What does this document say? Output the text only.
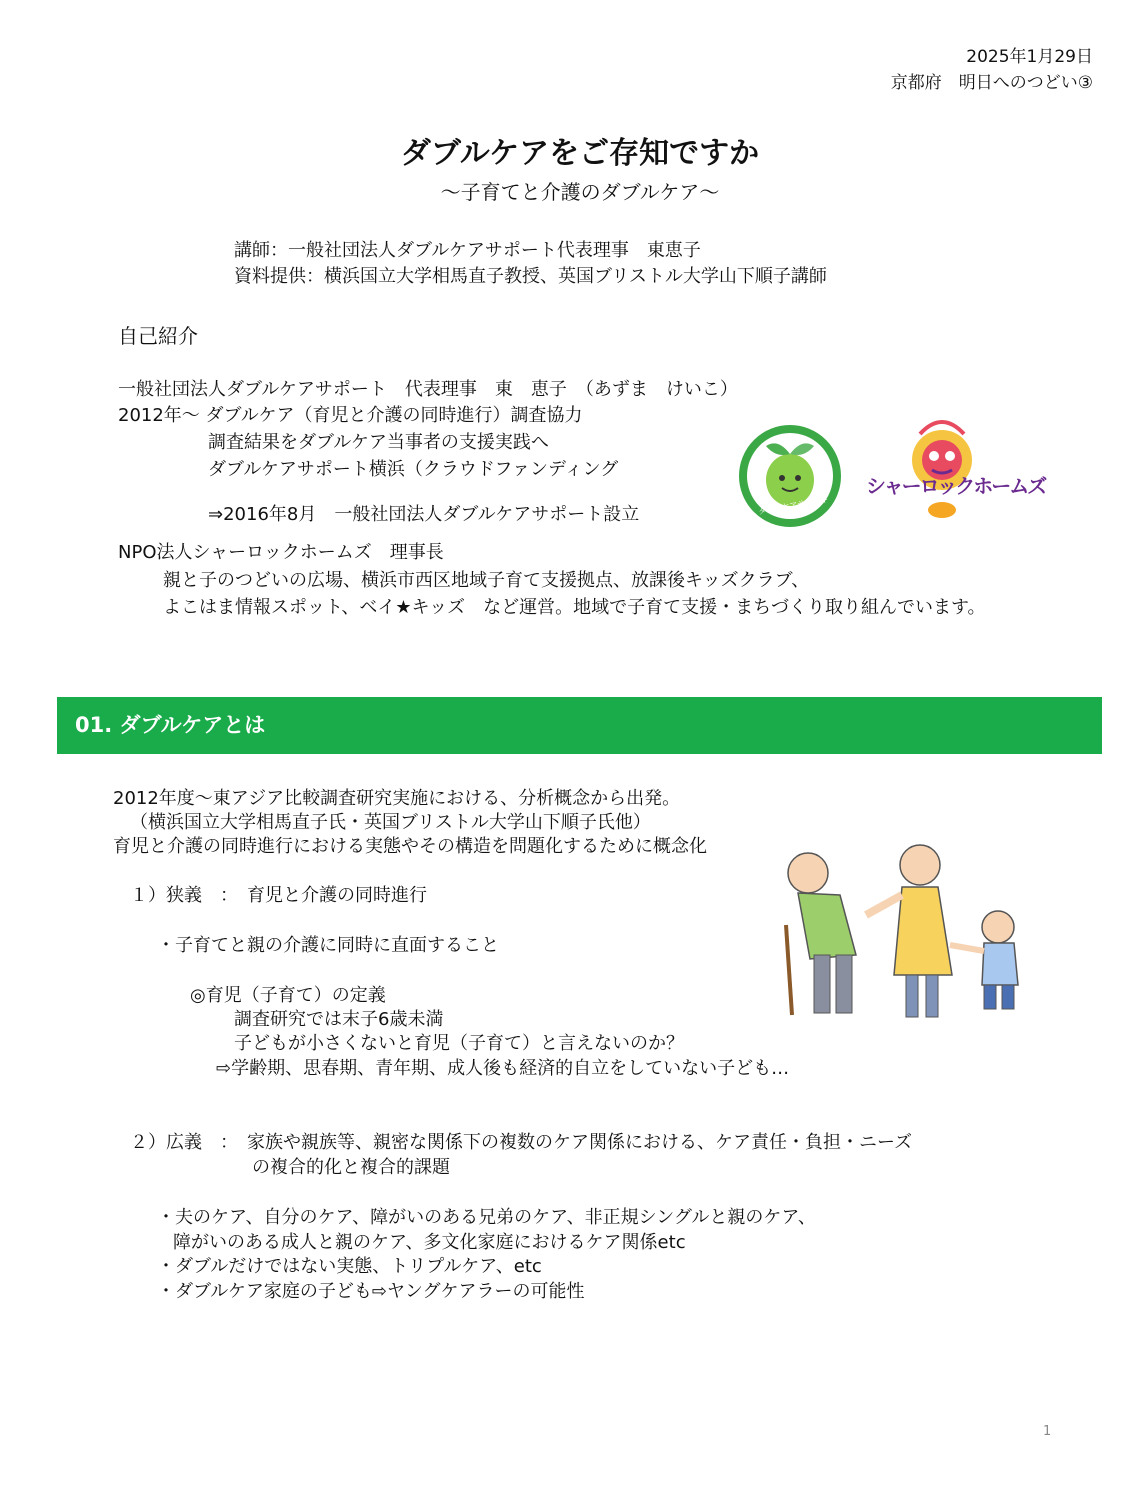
2025年1月29日
京都府　明日へのつどい③
ダブルケアをご存知ですか
～子育てと介護のダブルケア～
講師：一般社団法人ダブルケアサポート代表理事　東恵子
資料提供：横浜国立大学相馬直子教授、英国ブリストル大学山下順子講師
自己紹介
一般社団法人ダブルケアサポート　代表理事　東　恵子　（あずま　けいこ）
2012年～ ダブルケア（育児と介護の同時進行）調査協力
調査結果をダブルケア当事者の支援実践へ
ダブルケアサポート横浜（クラウドファンディング
⇒2016年8月　一般社団法人ダブルケアサポート設立
NPO法人シャーロックホームズ　理事長
親と子のつどいの広場、横浜市西区地域子育て支援拠点、放課後キッズクラブ、
よこはま情報スポット、ベイ★キッズ　など運営。地域で子育て支援・まちづくり取り組んでいます。
ダブルケアサポート
シャーロックホームズ
01. ダブルケアとは
2012年度～東アジア比較調査研究実施における、分析概念から出発。
（横浜国立大学相馬直子氏・英国ブリストル大学山下順子氏他）
育児と介護の同時進行における実態やその構造を問題化するために概念化
１）狭義　：　育児と介護の同時進行
・子育てと親の介護に同時に直面すること
◎育児（子育て）の定義
調査研究では末子6歳未満
子どもが小さくないと育児（子育て）と言えないのか？
⇨学齢期、思春期、青年期、成人後も経済的自立をしていない子ども…
２）広義　：　家族や親族等、親密な関係下の複数のケア関係における、ケア責任・負担・ニーズ
の複合的化と複合的課題
・夫のケア、自分のケア、障がいのある兄弟のケア、非正規シングルと親のケア、
障がいのある成人と親のケア、多文化家庭におけるケア関係etc
・ダブルだけではない実態、トリプルケア、etc
・ダブルケア家庭の子ども⇨ヤングケアラーの可能性
1
